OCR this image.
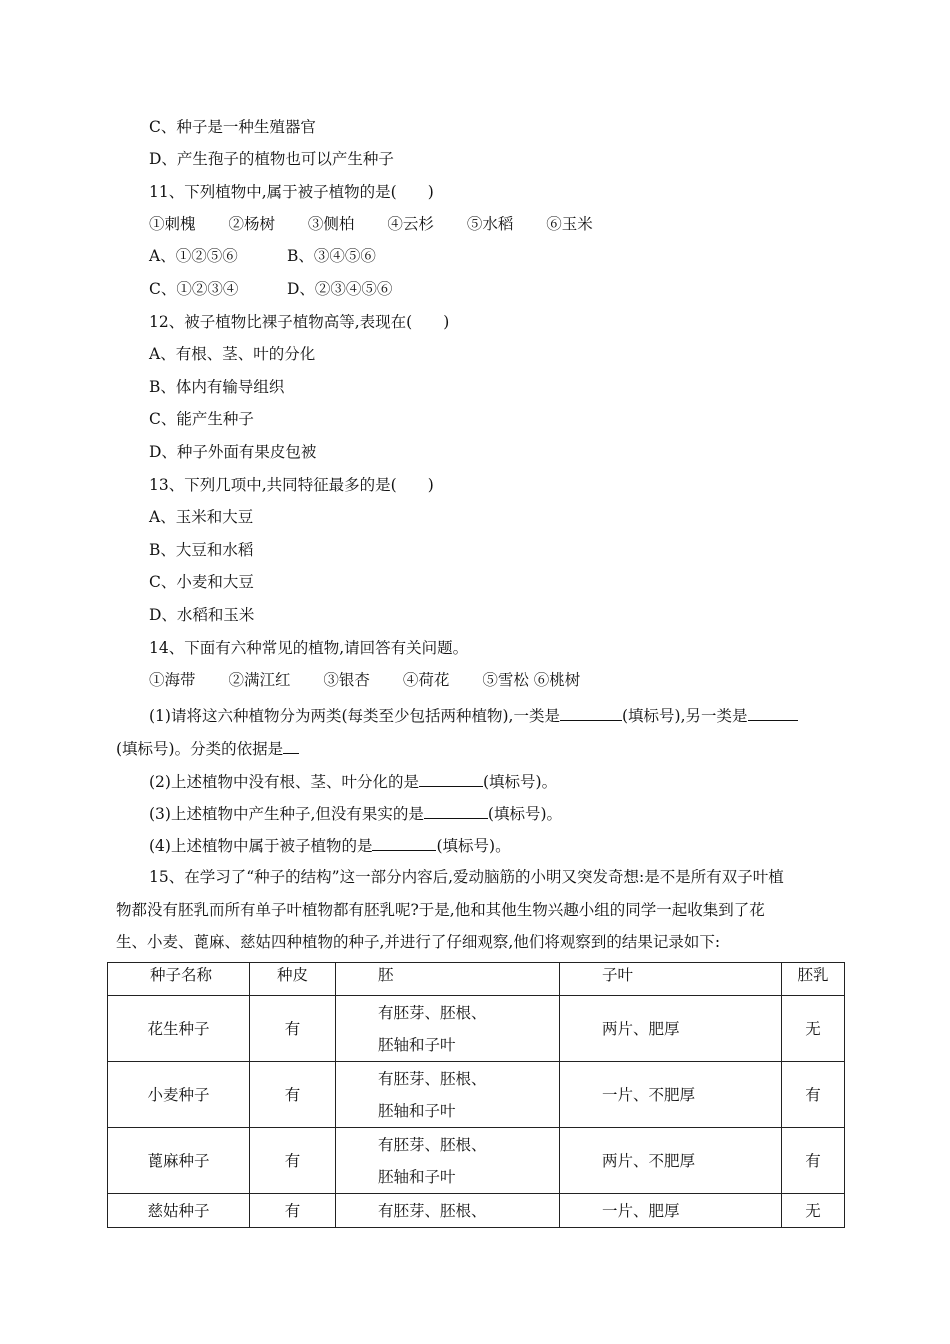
C、种子是一种生殖器官
D、产生孢子的植物也可以产生种子
11、下列植物中,属于被子植物的是(　　)
①刺槐 ②杨树 ③侧柏 ④云杉 ⑤水稻 ⑥玉米
A、①②⑤⑥	B、③④⑤⑥
C、①②③④	D、②③④⑤⑥
12、被子植物比裸子植物高等,表现在(　　)
A、有根、茎、叶的分化
B、体内有输导组织
C、能产生种子
D、种子外面有果皮包被
13、下列几项中,共同特征最多的是(　　)
A、玉米和大豆
B、大豆和水稻
C、小麦和大豆
D、水稻和玉米
14、下面有六种常见的植物,请回答有关问题。
①海带 ②满江红 ③银杏 ④荷花 ⑤雪松 ⑥桃树
(1)请将这六种植物分为两类(每类至少包括两种植物),一类是	(填标号),另一类是
(填标号)。分类的依据是
(2)上述植物中没有根、茎、叶分化的是	(填标号)。
(3)上述植物中产生种子,但没有果实的是	(填标号)。
(4)上述植物中属于被子植物的是	(填标号)。
15、在学习了“种子的结构”这一部分内容后,爱动脑筋的小明又突发奇想:是不是所有双子叶植
物都没有胚乳而所有单子叶植物都有胚乳呢?于是,他和其他生物兴趣小组的同学一起收集到了花
生、小麦、蓖麻、慈姑四种植物的种子,并进行了仔细观察,他们将观察到的结果记录如下:
种子名称	种皮	胚	子叶	胚乳
花生种子	有	有胚芽、胚根、
胚轴和子叶	两片、肥厚	无
小麦种子	有	有胚芽、胚根、
胚轴和子叶	一片、不肥厚	有
蓖麻种子	有	有胚芽、胚根、
胚轴和子叶	两片、不肥厚	有
慈姑种子	有	有胚芽、胚根、	一片、肥厚	无
